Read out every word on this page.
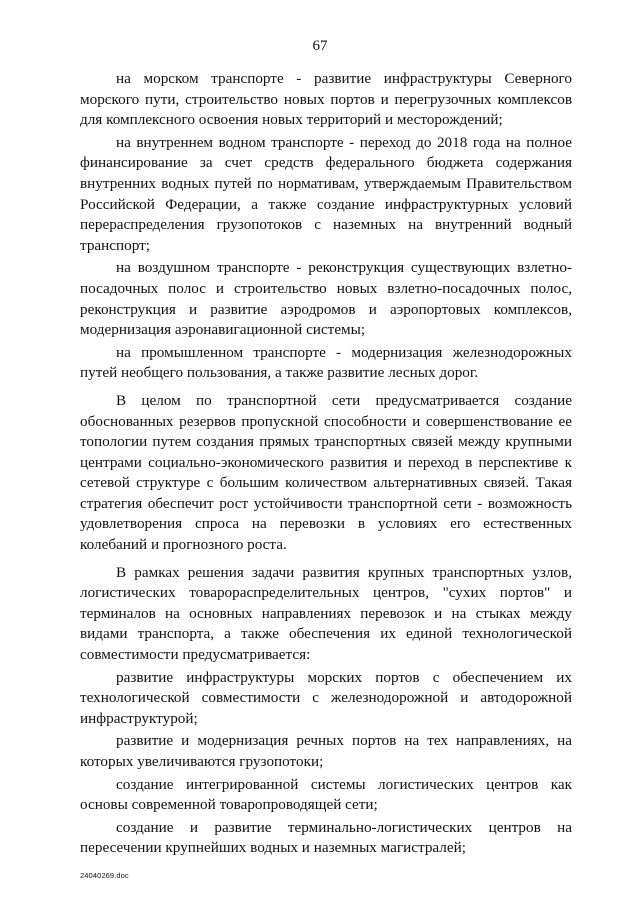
67

на морском транспорте - развитие инфраструктуры Северного морского пути, строительство новых портов и перегрузочных комплексов для комплексного освоения новых территорий и месторождений;

на внутреннем водном транспорте - переход до 2018 года на полное финансирование за счет средств федерального бюджета содержания внутренних водных путей по нормативам, утверждаемым Правительством Российской Федерации, а также создание инфраструктурных условий перераспределения грузопотоков с наземных на внутренний водный транспорт;

на воздушном транспорте - реконструкция существующих взлетно-посадочных полос и строительство новых взлетно-посадочных полос, реконструкция и развитие аэродромов и аэропортовых комплексов, модернизация аэронавигационной системы;

на промышленном транспорте - модернизация железнодорожных путей необщего пользования, а также развитие лесных дорог.

В целом по транспортной сети предусматривается создание обоснованных резервов пропускной способности и совершенствование ее топологии путем создания прямых транспортных связей между крупными центрами социально-экономического развития и переход в перспективе к сетевой структуре с большим количеством альтернативных связей. Такая стратегия обеспечит рост устойчивости транспортной сети - возможность удовлетворения спроса на перевозки в условиях его естественных колебаний и прогнозного роста.

В рамках решения задачи развития крупных транспортных узлов, логистических товарораспределительных центров, "сухих портов" и терминалов на основных направлениях перевозок и на стыках между видами транспорта, а также обеспечения их единой технологической совместимости предусматривается:

развитие инфраструктуры морских портов с обеспечением их технологической совместимости с железнодорожной и автодорожной инфраструктурой;

развитие и модернизация речных портов на тех направлениях, на которых увеличиваются грузопотоки;

создание интегрированной системы логистических центров как основы современной товаропроводящей сети;

создание и развитие терминально-логистических центров на пересечении крупнейших водных и наземных магистралей;

24040269.doc
